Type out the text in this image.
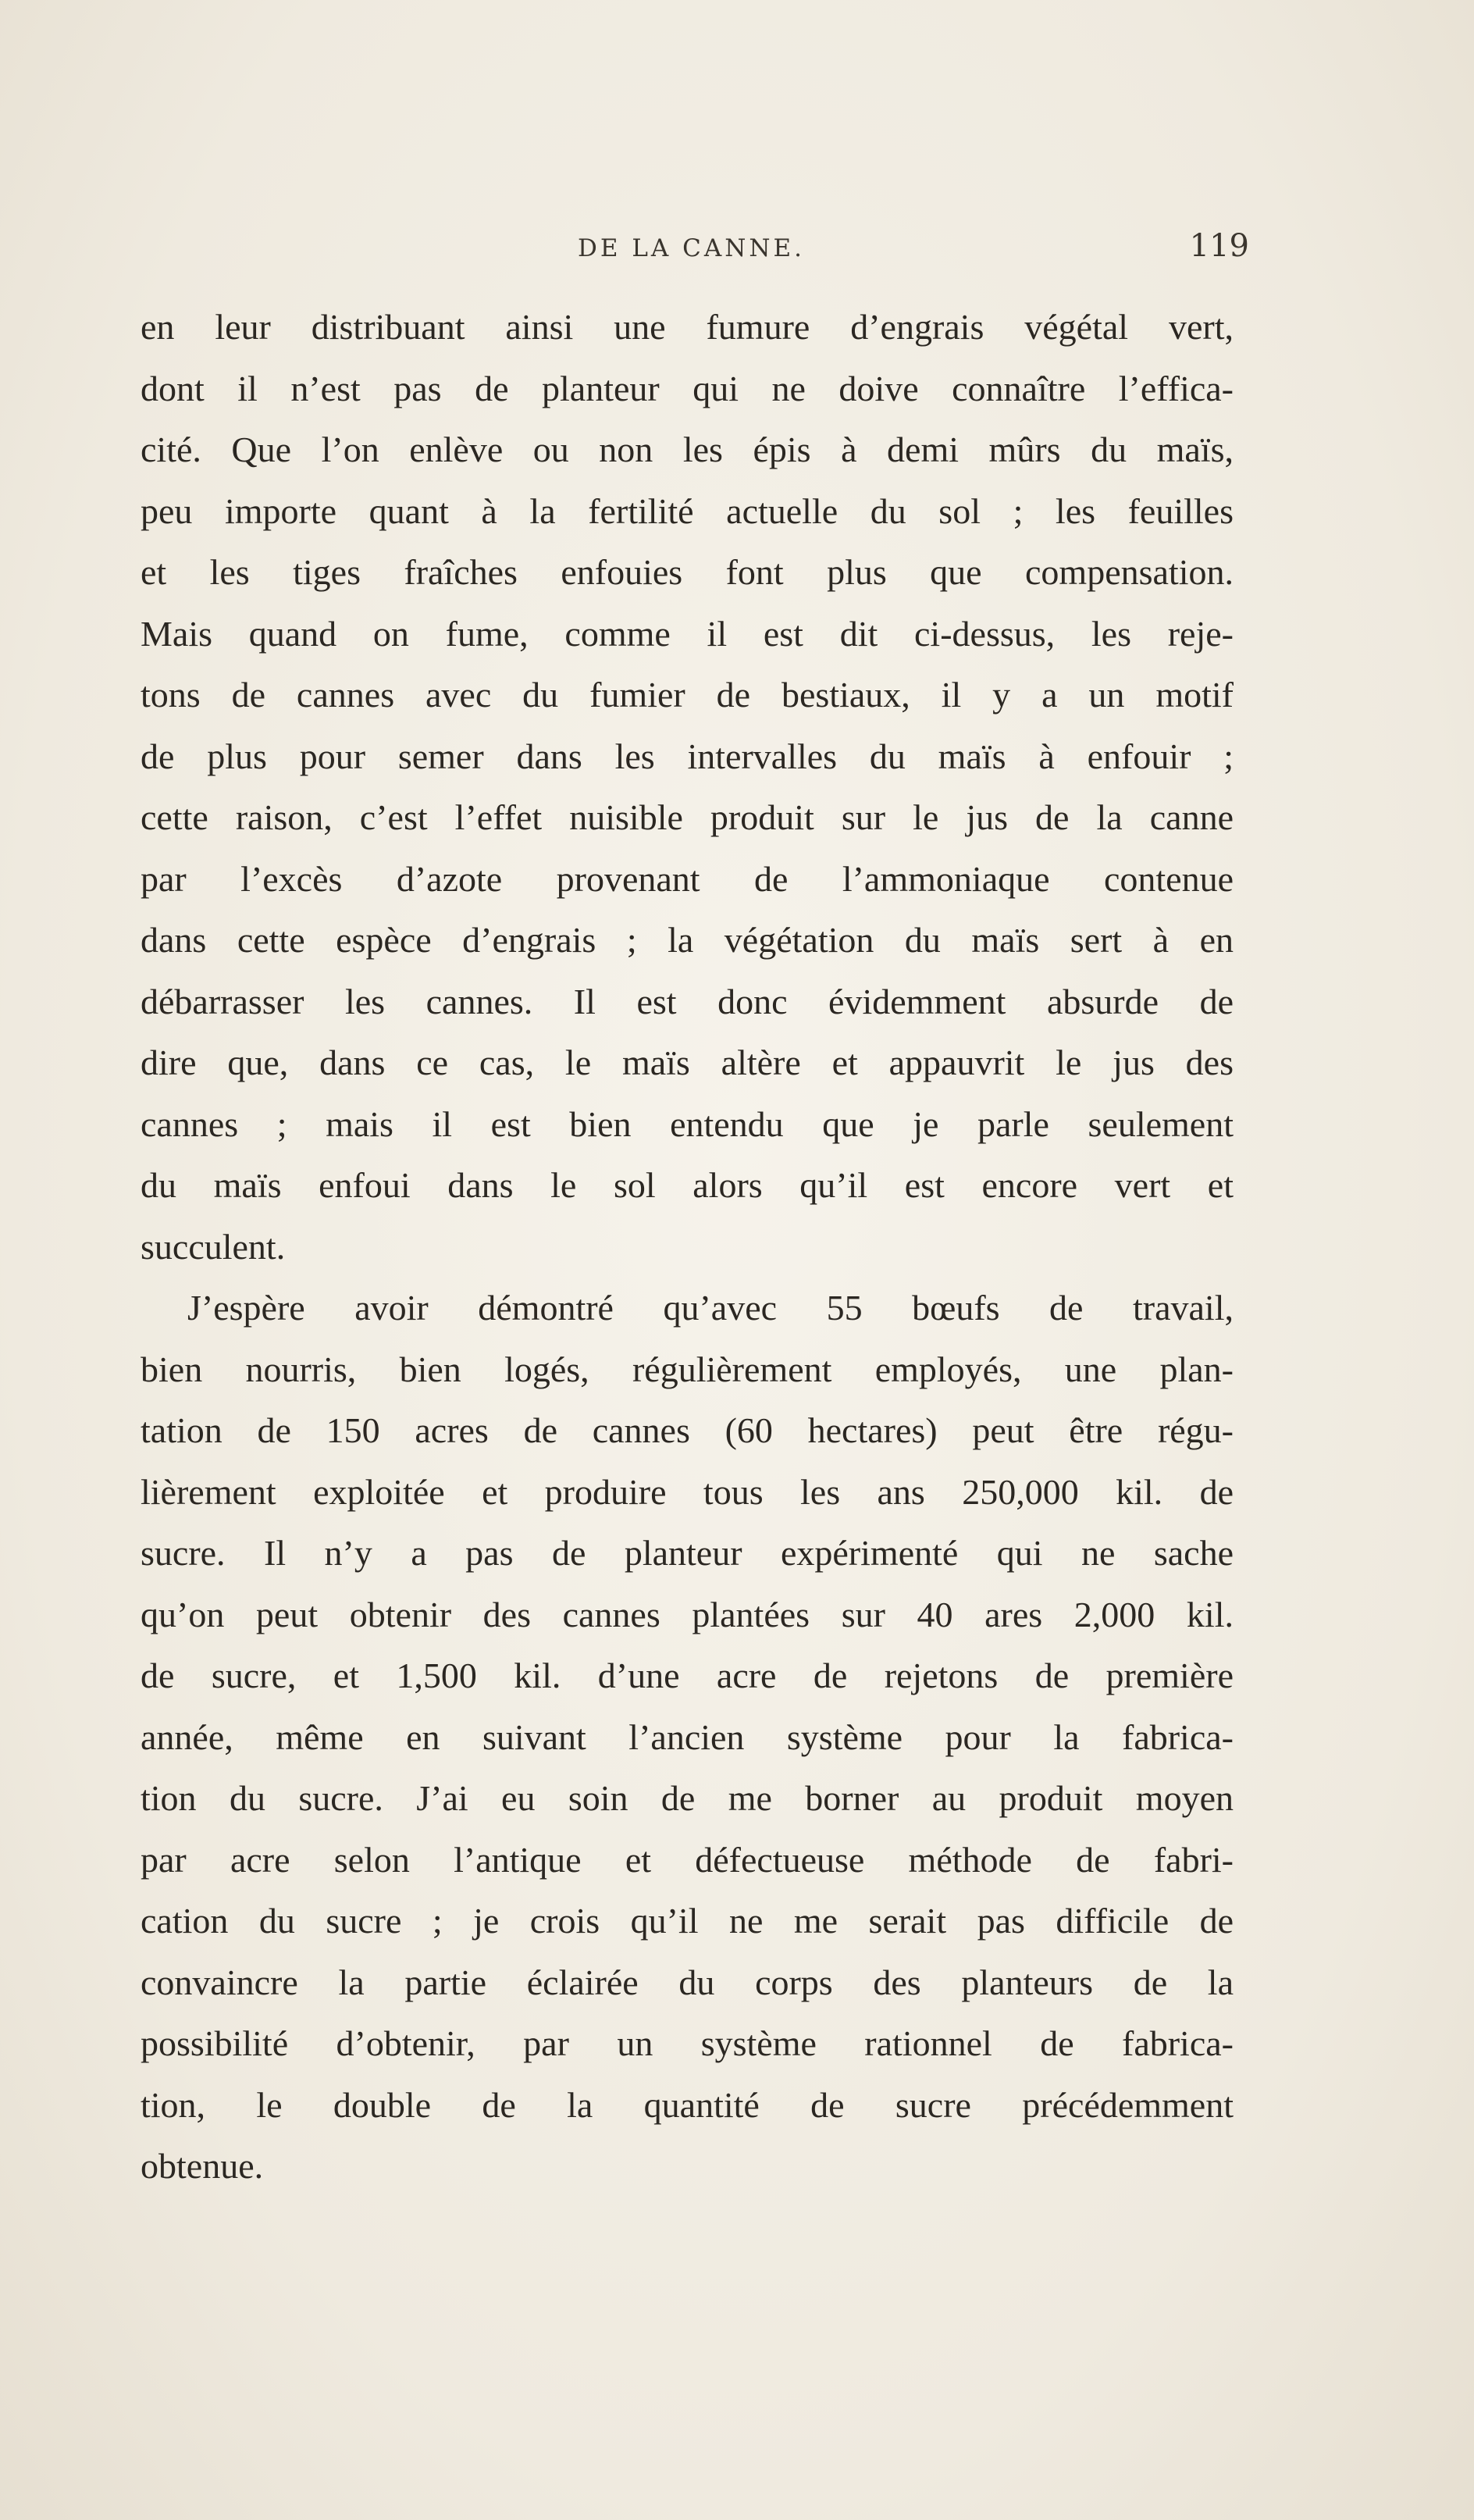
DE LA CANNE.	119
en leur distribuant ainsi une fumure d’engrais végétal vert,
dont il n’est pas de planteur qui ne doive connaître l’effica-
cité. Que l’on enlève ou non les épis à demi mûrs du maïs,
peu importe quant à la fertilité actuelle du sol ; les feuilles
et les tiges fraîches enfouies font plus que compensation.
Mais quand on fume, comme il est dit ci-dessus, les reje-
tons de cannes avec du fumier de bestiaux, il y a un motif
de plus pour semer dans les intervalles du maïs à enfouir ;
cette raison, c’est l’effet nuisible produit sur le jus de la canne
par l’excès d’azote provenant de l’ammoniaque contenue
dans cette espèce d’engrais ; la végétation du maïs sert à en
débarrasser les cannes. Il est donc évidemment absurde de
dire que, dans ce cas, le maïs altère et appauvrit le jus des
cannes ; mais il est bien entendu que je parle seulement
du maïs enfoui dans le sol alors qu’il est encore vert et
succulent.
J’espère avoir démontré qu’avec 55 bœufs de travail,
bien nourris, bien logés, régulièrement employés, une plan-
tation de 150 acres de cannes (60 hectares) peut être régu-
lièrement exploitée et produire tous les ans 250,000 kil. de
sucre. Il n’y a pas de planteur expérimenté qui ne sache
qu’on peut obtenir des cannes plantées sur 40 ares 2,000 kil.
de sucre, et 1,500 kil. d’une acre de rejetons de première
année, même en suivant l’ancien système pour la fabrica-
tion du sucre. J’ai eu soin de me borner au produit moyen
par acre selon l’antique et défectueuse méthode de fabri-
cation du sucre ; je crois qu’il ne me serait pas difficile de
convaincre la partie éclairée du corps des planteurs de la
possibilité d’obtenir, par un système rationnel de fabrica-
tion, le double de la quantité de sucre précédemment
obtenue.
